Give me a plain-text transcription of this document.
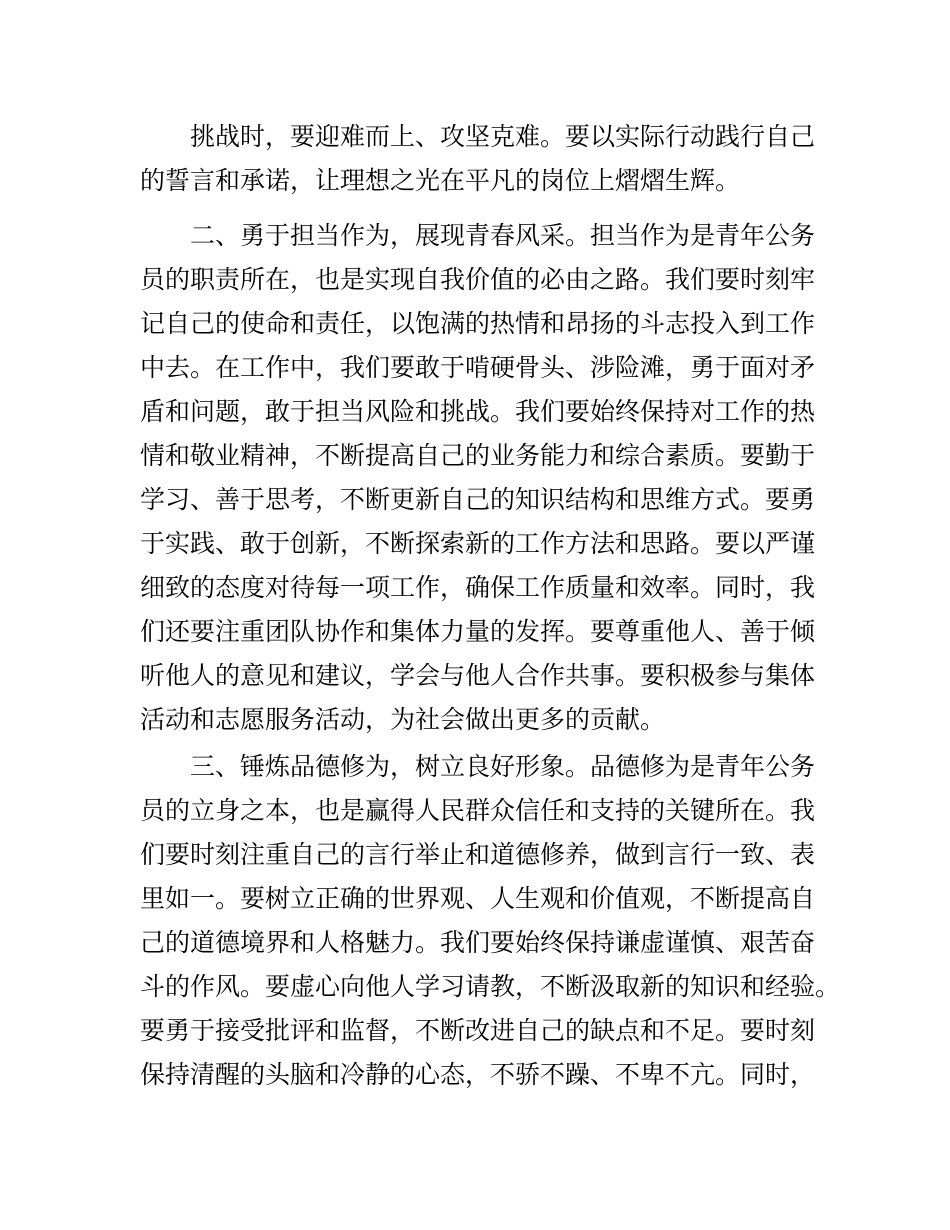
挑战时，要迎难而上、攻坚克难。要以实际行动践行自己
的誓言和承诺，让理想之光在平凡的岗位上熠熠生辉。
二、勇于担当作为，展现青春风采。担当作为是青年公务
员的职责所在，也是实现自我价值的必由之路。我们要时刻牢
记自己的使命和责任，以饱满的热情和昂扬的斗志投入到工作
中去。在工作中，我们要敢于啃硬骨头、涉险滩，勇于面对矛
盾和问题，敢于担当风险和挑战。我们要始终保持对工作的热
情和敬业精神，不断提高自己的业务能力和综合素质。要勤于
学习、善于思考，不断更新自己的知识结构和思维方式。要勇
于实践、敢于创新，不断探索新的工作方法和思路。要以严谨
细致的态度对待每一项工作，确保工作质量和效率。同时，我
们还要注重团队协作和集体力量的发挥。要尊重他人、善于倾
听他人的意见和建议，学会与他人合作共事。要积极参与集体
活动和志愿服务活动，为社会做出更多的贡献。
三、锤炼品德修为，树立良好形象。品德修为是青年公务
员的立身之本，也是赢得人民群众信任和支持的关键所在。我
们要时刻注重自己的言行举止和道德修养，做到言行一致、表
里如一。要树立正确的世界观、人生观和价值观，不断提高自
己的道德境界和人格魅力。我们要始终保持谦虚谨慎、艰苦奋
斗的作风。要虚心向他人学习请教，不断汲取新的知识和经验。
要勇于接受批评和监督，不断改进自己的缺点和不足。要时刻
保持清醒的头脑和冷静的心态，不骄不躁、不卑不亢。同时，
